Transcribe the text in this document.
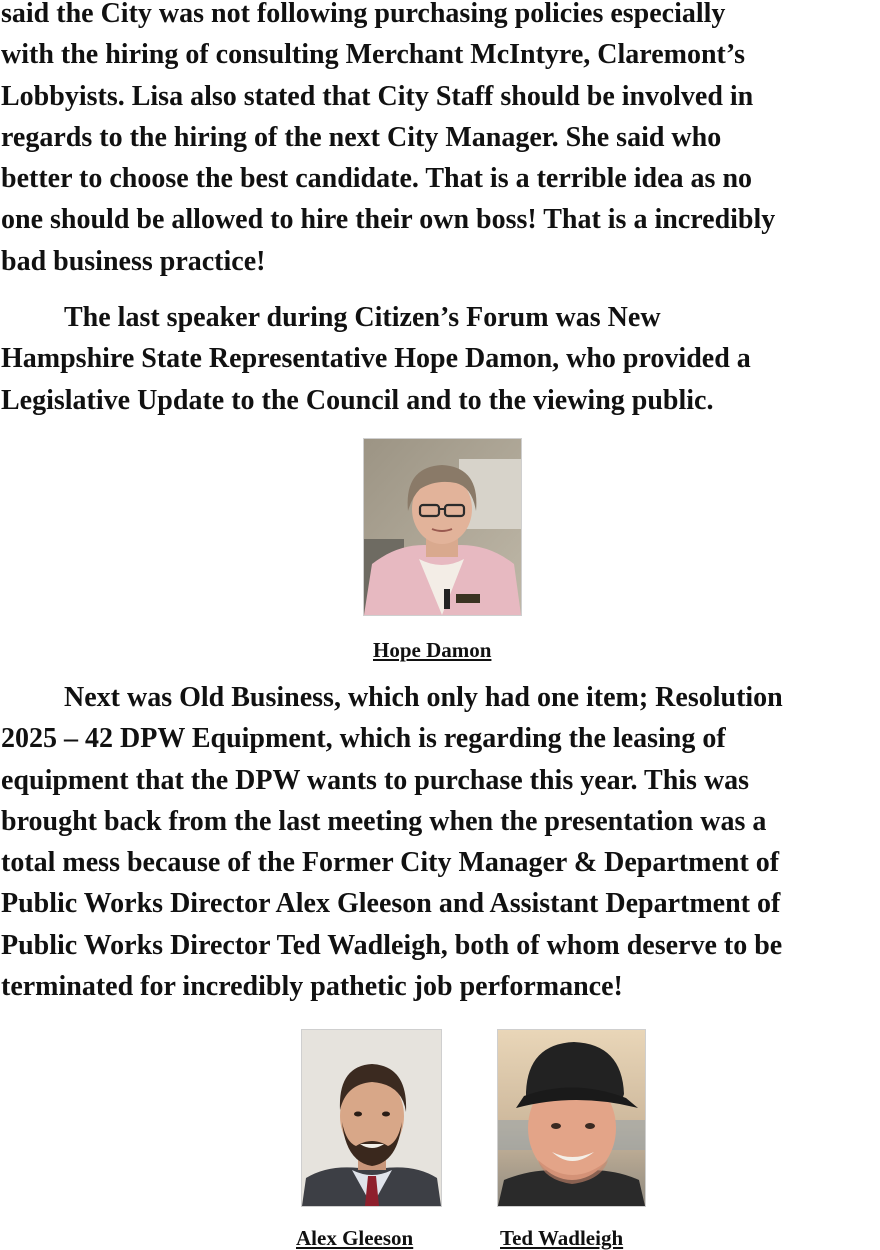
said the City was not following purchasing policies especially
with the hiring of consulting Merchant McIntyre, Claremont’s
Lobbyists. Lisa also stated that City Staff should be involved in
regards to the hiring of the next City Manager. She said who
better to choose the best candidate. That is a terrible idea as no
one should be allowed to hire their own boss! That is a incredibly
bad business practice!

The last speaker during Citizen’s Forum was New
Hampshire State Representative Hope Damon, who provided a
Legislative Update to the Council and to the viewing public.

Hope Damon

Next was Old Business, which only had one item; Resolution
2025 – 42 DPW Equipment, which is regarding the leasing of
equipment that the DPW wants to purchase this year. This was
brought back from the last meeting when the presentation was a
total mess because of the Former City Manager & Department of
Public Works Director Alex Gleeson and Assistant Department of
Public Works Director Ted Wadleigh, both of whom deserve to be
terminated for incredibly pathetic job performance!

Alex Gleeson	Ted Wadleigh
